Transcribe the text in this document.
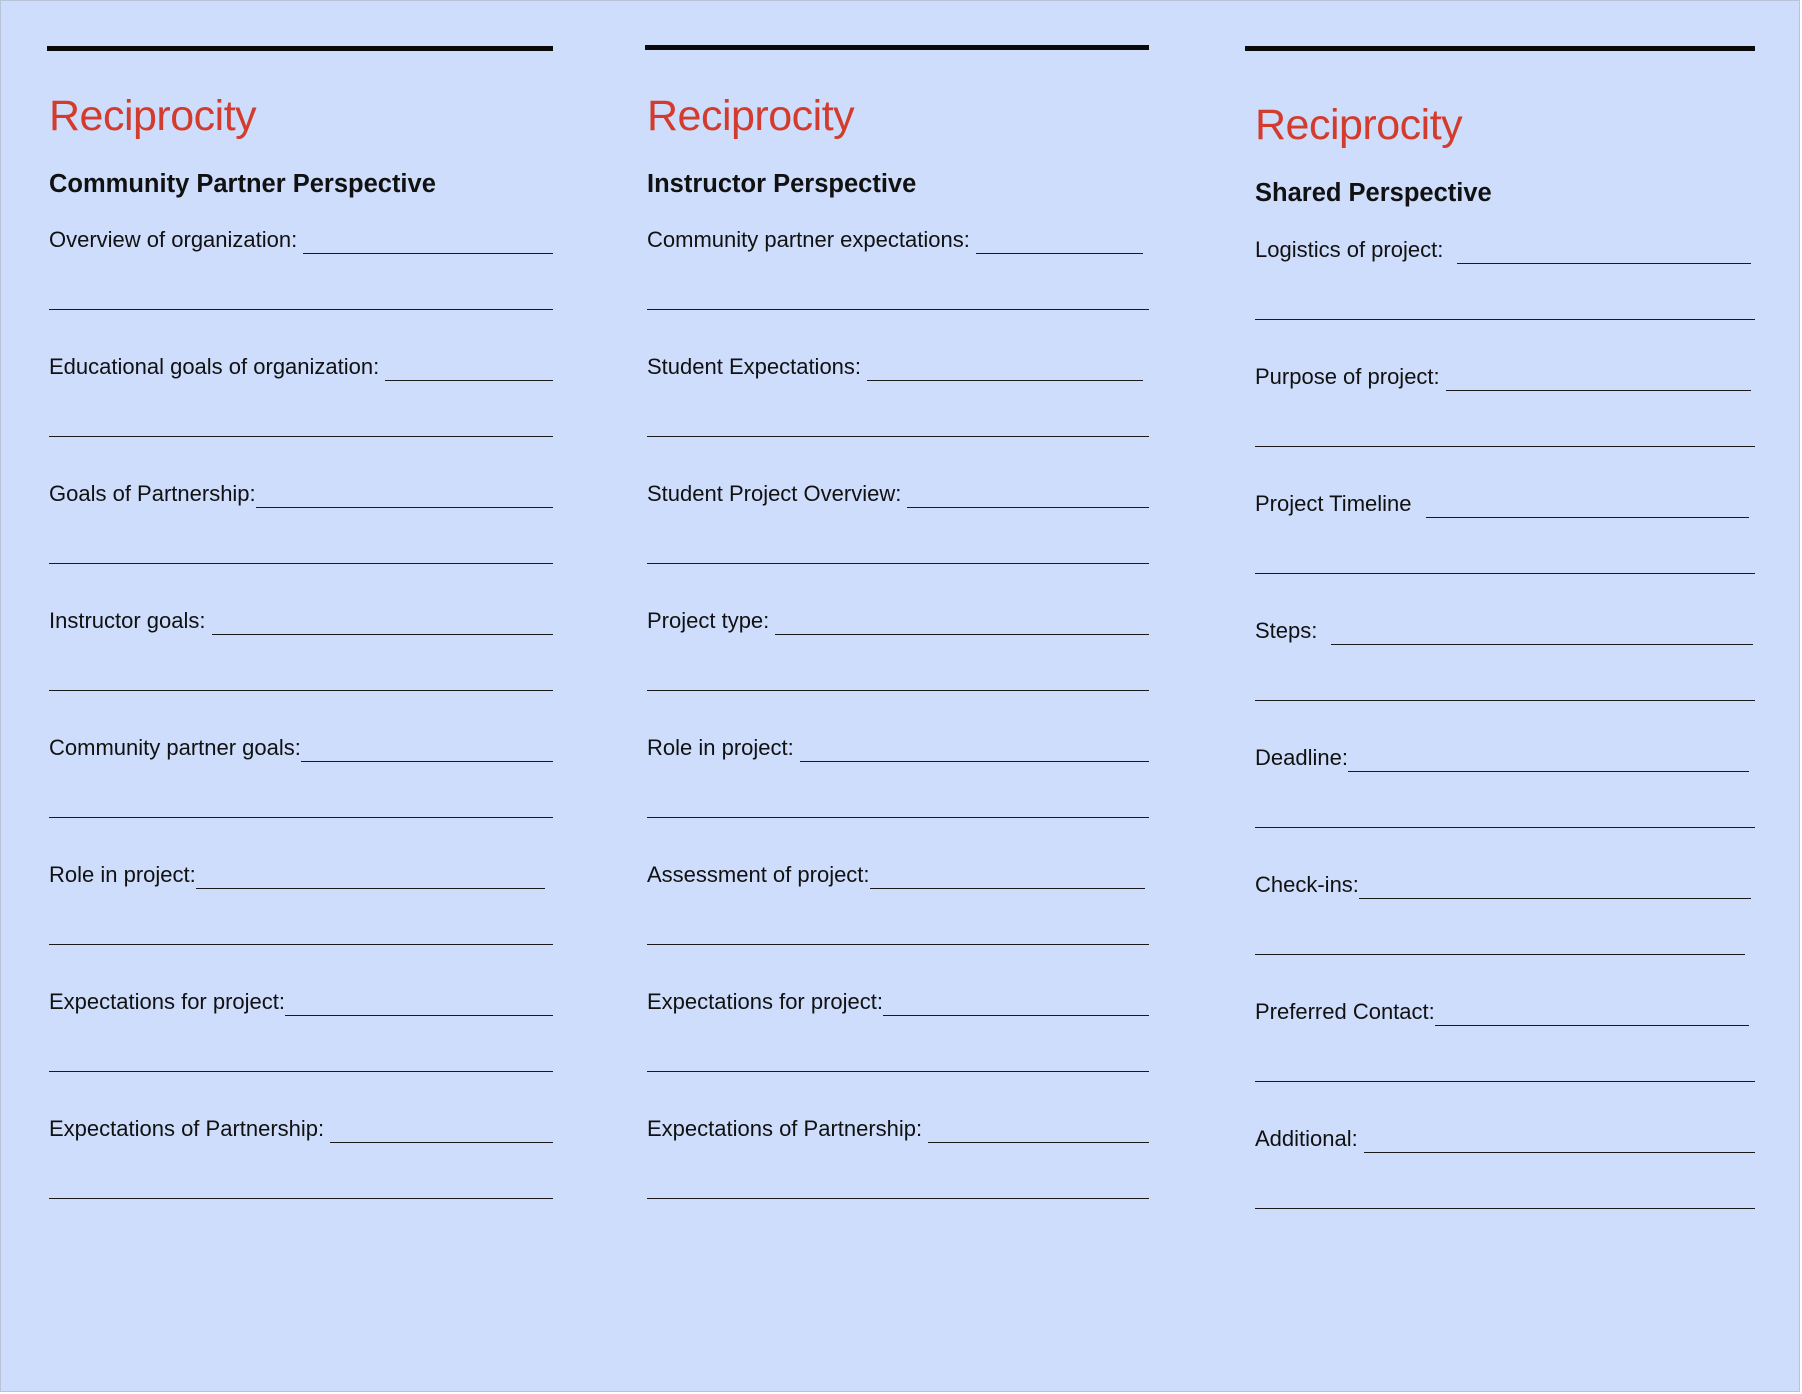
Reciprocity
Community Partner Perspective
Overview of organization:
Educational goals of organization:
Goals of Partnership:
Instructor goals:
Community partner goals:
Role in project:
Expectations for project:
Expectations of Partnership:
Reciprocity
Instructor Perspective
Community partner expectations:
Student Expectations:
Student Project Overview:
Project type:
Role in project:
Assessment of project:
Expectations for project:
Expectations of Partnership:
Reciprocity
Shared Perspective
Logistics of project:
Purpose of project:
Project Timeline
Steps:
Deadline:
Check-ins:
Preferred Contact:
Additional:
